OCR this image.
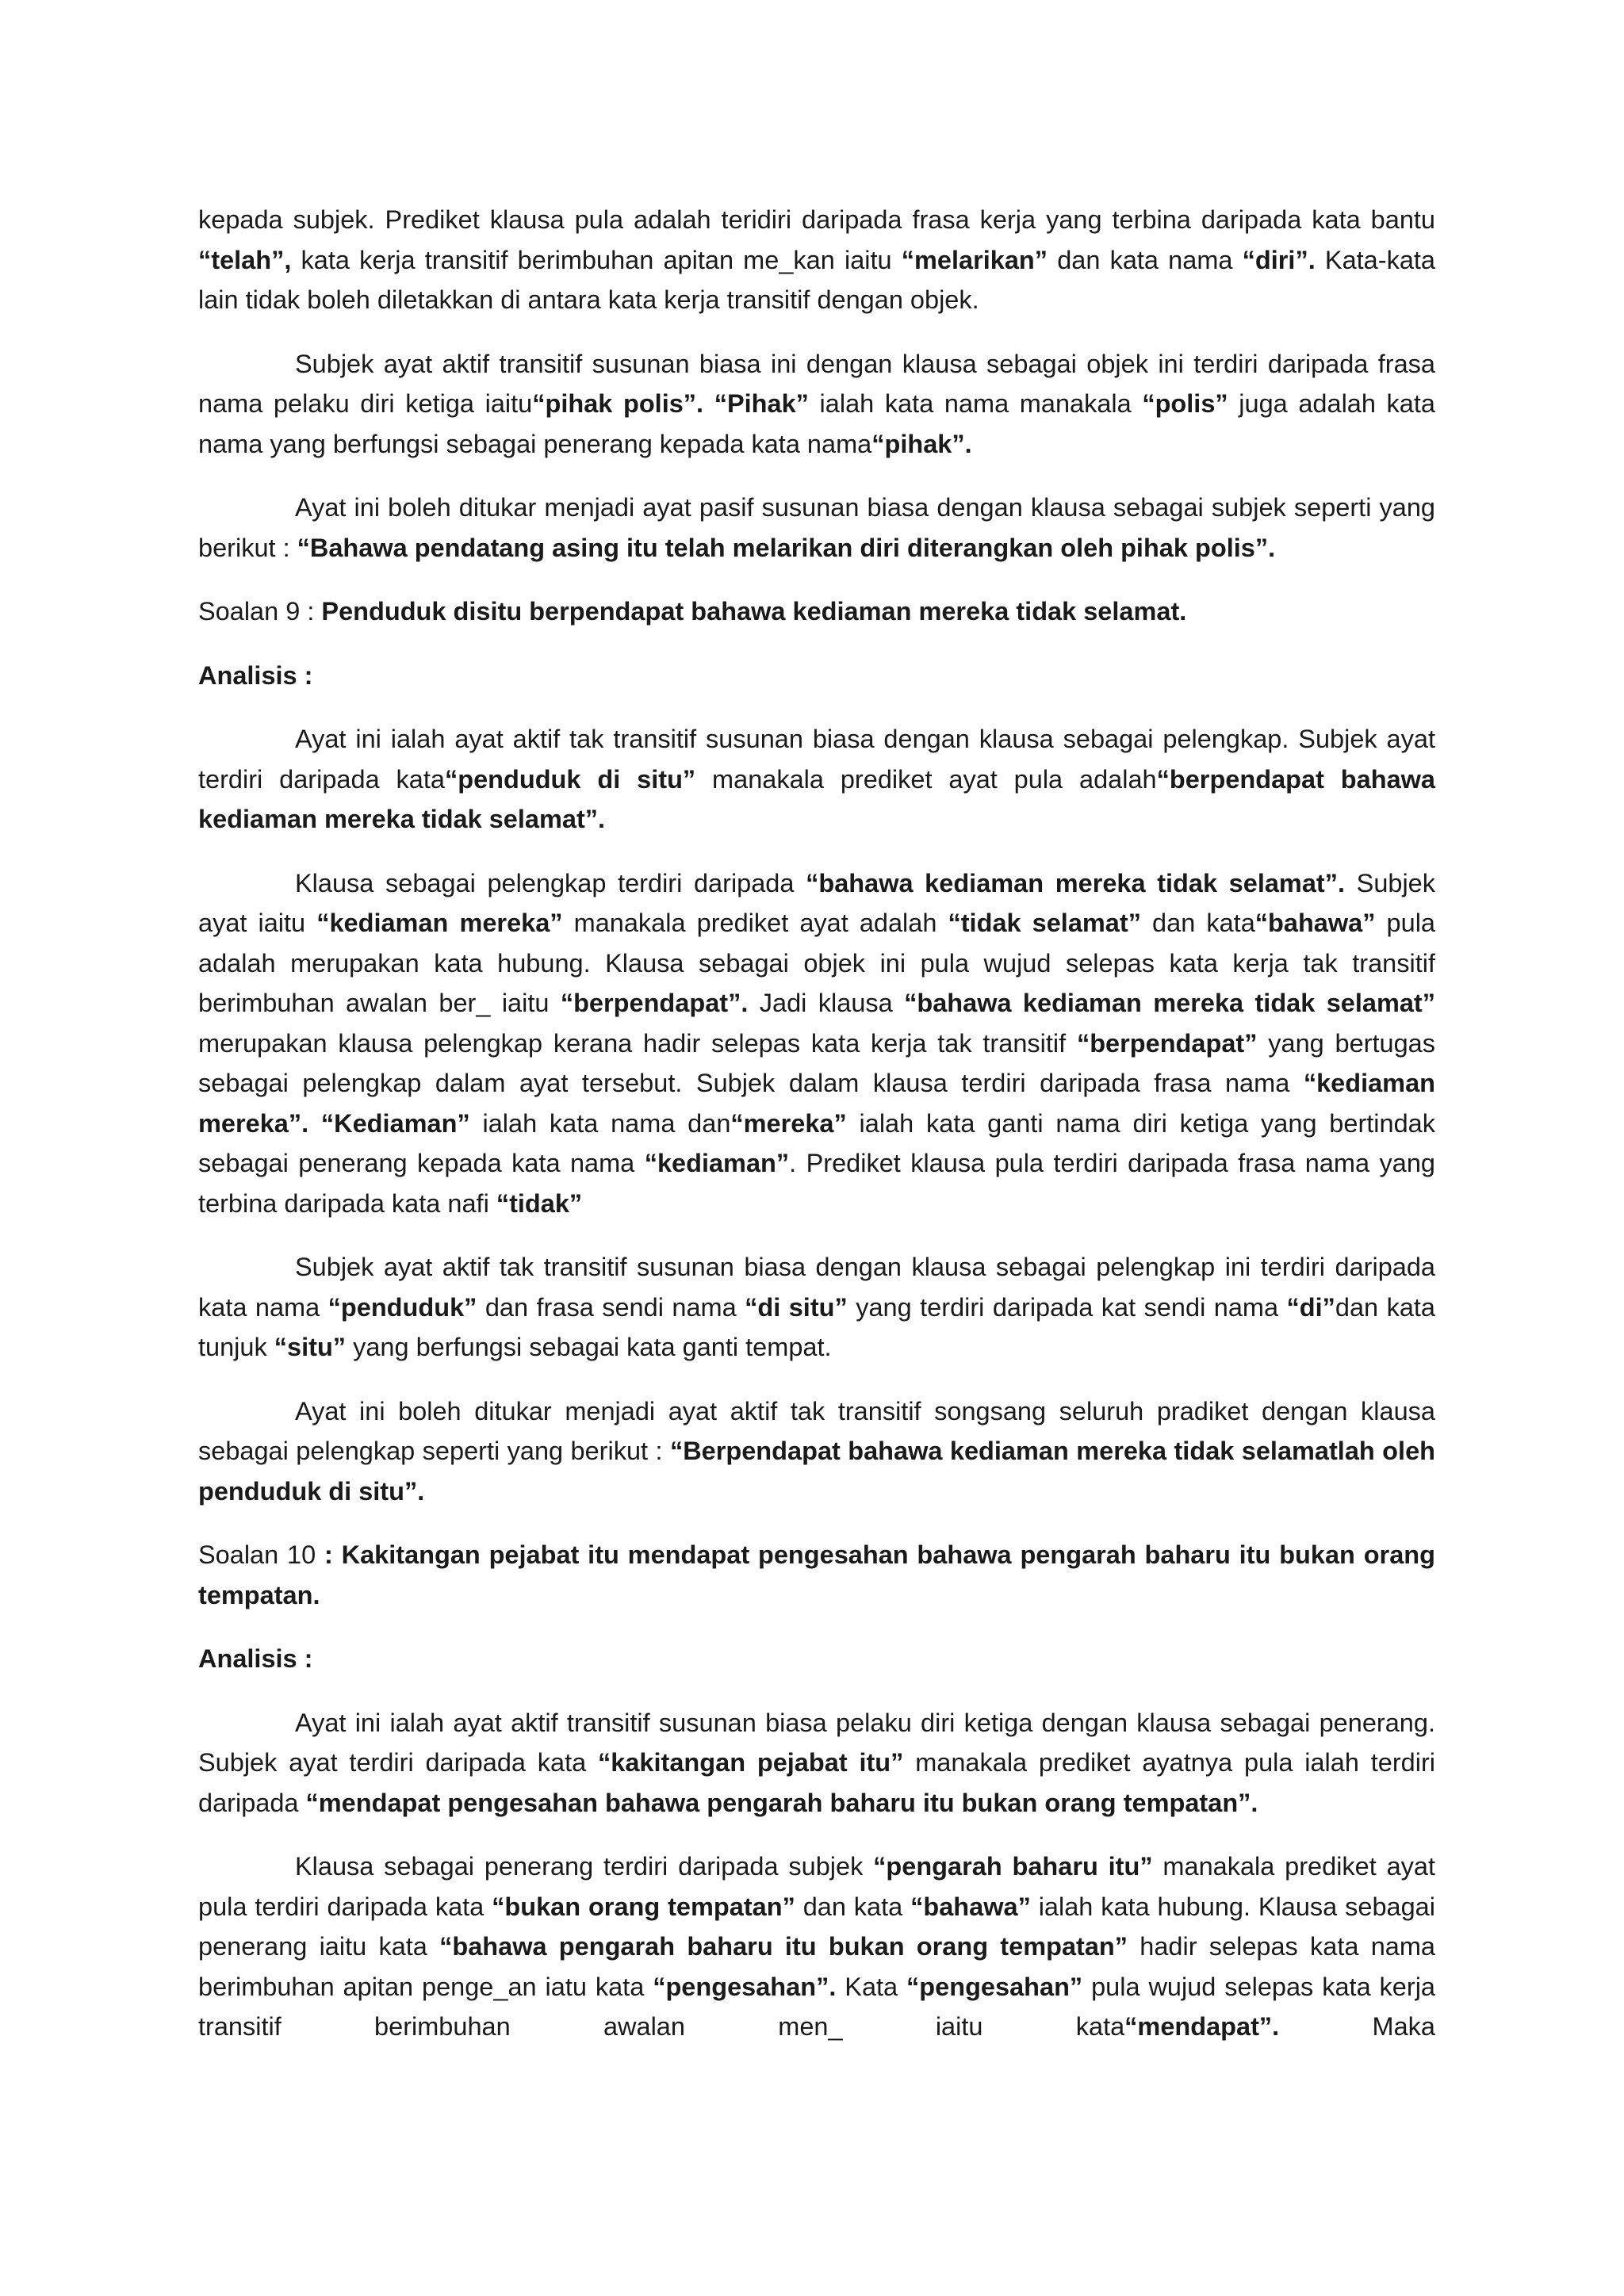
kepada subjek. Prediket klausa pula adalah teridiri daripada frasa kerja yang terbina daripada kata bantu “telah”, kata kerja transitif berimbuhan apitan me_kan iaitu “melarikan” dan kata nama “diri”. Kata-kata lain tidak boleh diletakkan di antara kata kerja transitif dengan objek.

Subjek ayat aktif transitif susunan biasa ini dengan klausa sebagai objek ini terdiri daripada frasa nama pelaku diri ketiga iaitu“pihak polis”. “Pihak” ialah kata nama manakala “polis” juga adalah kata nama yang berfungsi sebagai penerang kepada kata nama“pihak”.

Ayat ini boleh ditukar menjadi ayat pasif susunan biasa dengan klausa sebagai subjek seperti yang berikut : “Bahawa pendatang asing itu telah melarikan diri diterangkan oleh pihak polis”.

Soalan 9 : Penduduk disitu berpendapat bahawa kediaman mereka tidak selamat.

Analisis :

Ayat ini ialah ayat aktif tak transitif susunan biasa dengan klausa sebagai pelengkap. Subjek ayat terdiri daripada kata“penduduk di situ” manakala prediket ayat pula adalah“berpendapat bahawa kediaman mereka tidak selamat”.

Klausa sebagai pelengkap terdiri daripada “bahawa kediaman mereka tidak selamat”. Subjek ayat iaitu “kediaman mereka” manakala prediket ayat adalah “tidak selamat” dan kata“bahawa” pula adalah merupakan kata hubung. Klausa sebagai objek ini pula wujud selepas kata kerja tak transitif berimbuhan awalan ber_ iaitu “berpendapat”. Jadi klausa “bahawa kediaman mereka tidak selamat” merupakan klausa pelengkap kerana hadir selepas kata kerja tak transitif “berpendapat” yang bertugas sebagai pelengkap dalam ayat tersebut. Subjek dalam klausa terdiri daripada frasa nama “kediaman mereka”. “Kediaman” ialah kata nama dan“mereka” ialah kata ganti nama diri ketiga yang bertindak sebagai penerang kepada kata nama “kediaman”. Prediket klausa pula terdiri daripada frasa nama yang terbina daripada kata nafi “tidak”

Subjek ayat aktif tak transitif susunan biasa dengan klausa sebagai pelengkap ini terdiri daripada kata nama “penduduk” dan frasa sendi nama “di situ” yang terdiri daripada kat sendi nama “di”dan kata tunjuk “situ” yang berfungsi sebagai kata ganti tempat.

Ayat ini boleh ditukar menjadi ayat aktif tak transitif songsang seluruh pradiket dengan klausa sebagai pelengkap seperti yang berikut : “Berpendapat bahawa kediaman mereka tidak selamatlah oleh penduduk di situ”.

Soalan 10 : Kakitangan pejabat itu mendapat pengesahan bahawa pengarah baharu itu bukan orang tempatan.

Analisis :

Ayat ini ialah ayat aktif transitif susunan biasa pelaku diri ketiga dengan klausa sebagai penerang. Subjek ayat terdiri daripada kata “kakitangan pejabat itu” manakala prediket ayatnya pula ialah terdiri daripada “mendapat pengesahan bahawa pengarah baharu itu bukan orang tempatan”.

Klausa sebagai penerang terdiri daripada subjek “pengarah baharu itu” manakala prediket ayat pula terdiri daripada kata “bukan orang tempatan” dan kata “bahawa” ialah kata hubung. Klausa sebagai penerang iaitu kata “bahawa pengarah baharu itu bukan orang tempatan” hadir selepas kata nama berimbuhan apitan penge_an iatu kata “pengesahan”. Kata “pengesahan” pula wujud selepas kata kerja transitif berimbuhan awalan men_ iaitu kata“mendapat”. Maka
